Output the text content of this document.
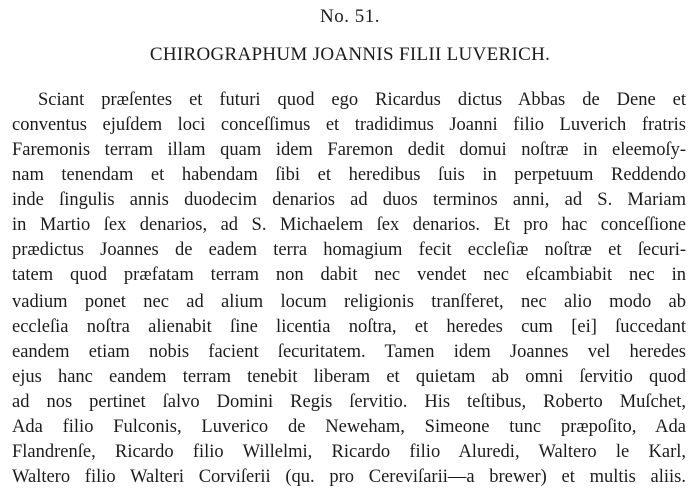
No. 51.
CHIROGRAPHUM JOANNIS FILII LUVERICH.
Sciant præſentes et futuri quod ego Ricardus dictus Abbas de Dene et
conventus ejuſdem loci conceſſimus et tradidimus Joanni filio Luverich fratris
Faremonis terram illam quam idem Faremon dedit domui noſtræ in eleemoſy-
nam tenendam et habendam ſibi et heredibus ſuis in perpetuum Reddendo
inde ſingulis annis duodecim denarios ad duos terminos anni, ad S. Mariam
in Martio ſex denarios, ad S. Michaelem ſex denarios. Et pro hac conceſſione
prædictus Joannes de eadem terra homagium fecit eccleſiæ noſtræ et ſecuri-
tatem quod præfatam terram non dabit nec vendet nec eſcambiabit nec in
vadium ponet nec ad alium locum religionis tranſferet, nec alio modo ab
eccleſia noſtra alienabit ſine licentia noſtra, et heredes cum [ei] ſuccedant
eandem etiam nobis facient ſecuritatem. Tamen idem Joannes vel heredes
ejus hanc eandem terram tenebit liberam et quietam ab omni ſervitio quod
ad nos pertinet ſalvo Domini Regis ſervitio. His teſtibus, Roberto Muſchet,
Ada filio Fulconis, Luverico de Neweham, Simeone tunc præpoſito, Ada
Flandrenſe, Ricardo filio Willelmi, Ricardo filio Aluredi, Waltero le Karl,
Waltero filio Walteri Corviſerii (qu. pro Cereviſarii—a brewer) et multis aliis.
